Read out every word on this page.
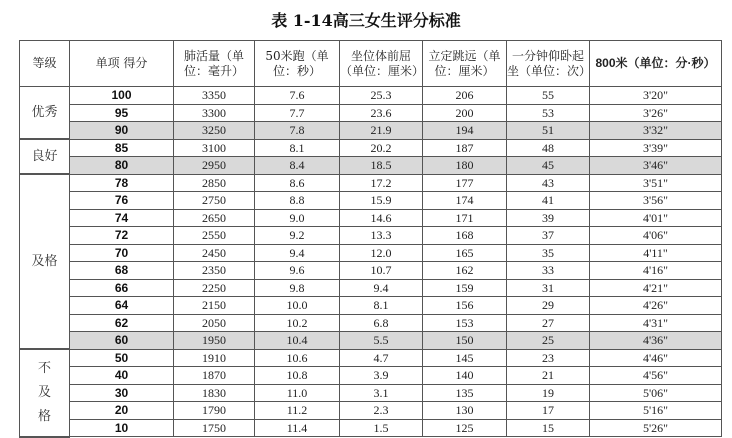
表 1-14高三女生评分标准
等级	单项 得分	肺活量（单位：毫升）	50米跑（单位：秒）	坐位体前屈（单位：厘米）	立定跳远（单位：厘米）	一分钟仰卧起坐（单位：次）	800米（单位：分·秒）
优秀	100	3350	7.6	25.3	206	55	3'20"
	95	3300	7.7	23.6	200	53	3'26"
	90	3250	7.8	21.9	194	51	3'32"
良好	85	3100	8.1	20.2	187	48	3'39"
	80	2950	8.4	18.5	180	45	3'46"
及格	78	2850	8.6	17.2	177	43	3'51"
	76	2750	8.8	15.9	174	41	3'56"
	74	2650	9.0	14.6	171	39	4'01"
	72	2550	9.2	13.3	168	37	4'06"
	70	2450	9.4	12.0	165	35	4'11"
	68	2350	9.6	10.7	162	33	4'16"
	66	2250	9.8	9.4	159	31	4'21"
	64	2150	10.0	8.1	156	29	4'26"
	62	2050	10.2	6.8	153	27	4'31"
	60	1950	10.4	5.5	150	25	4'36"
不及格	50	1910	10.6	4.7	145	23	4'46"
	40	1870	10.8	3.9	140	21	4'56"
	30	1830	11.0	3.1	135	19	5'06"
	20	1790	11.2	2.3	130	17	5'16"
	10	1750	11.4	1.5	125	15	5'26"
